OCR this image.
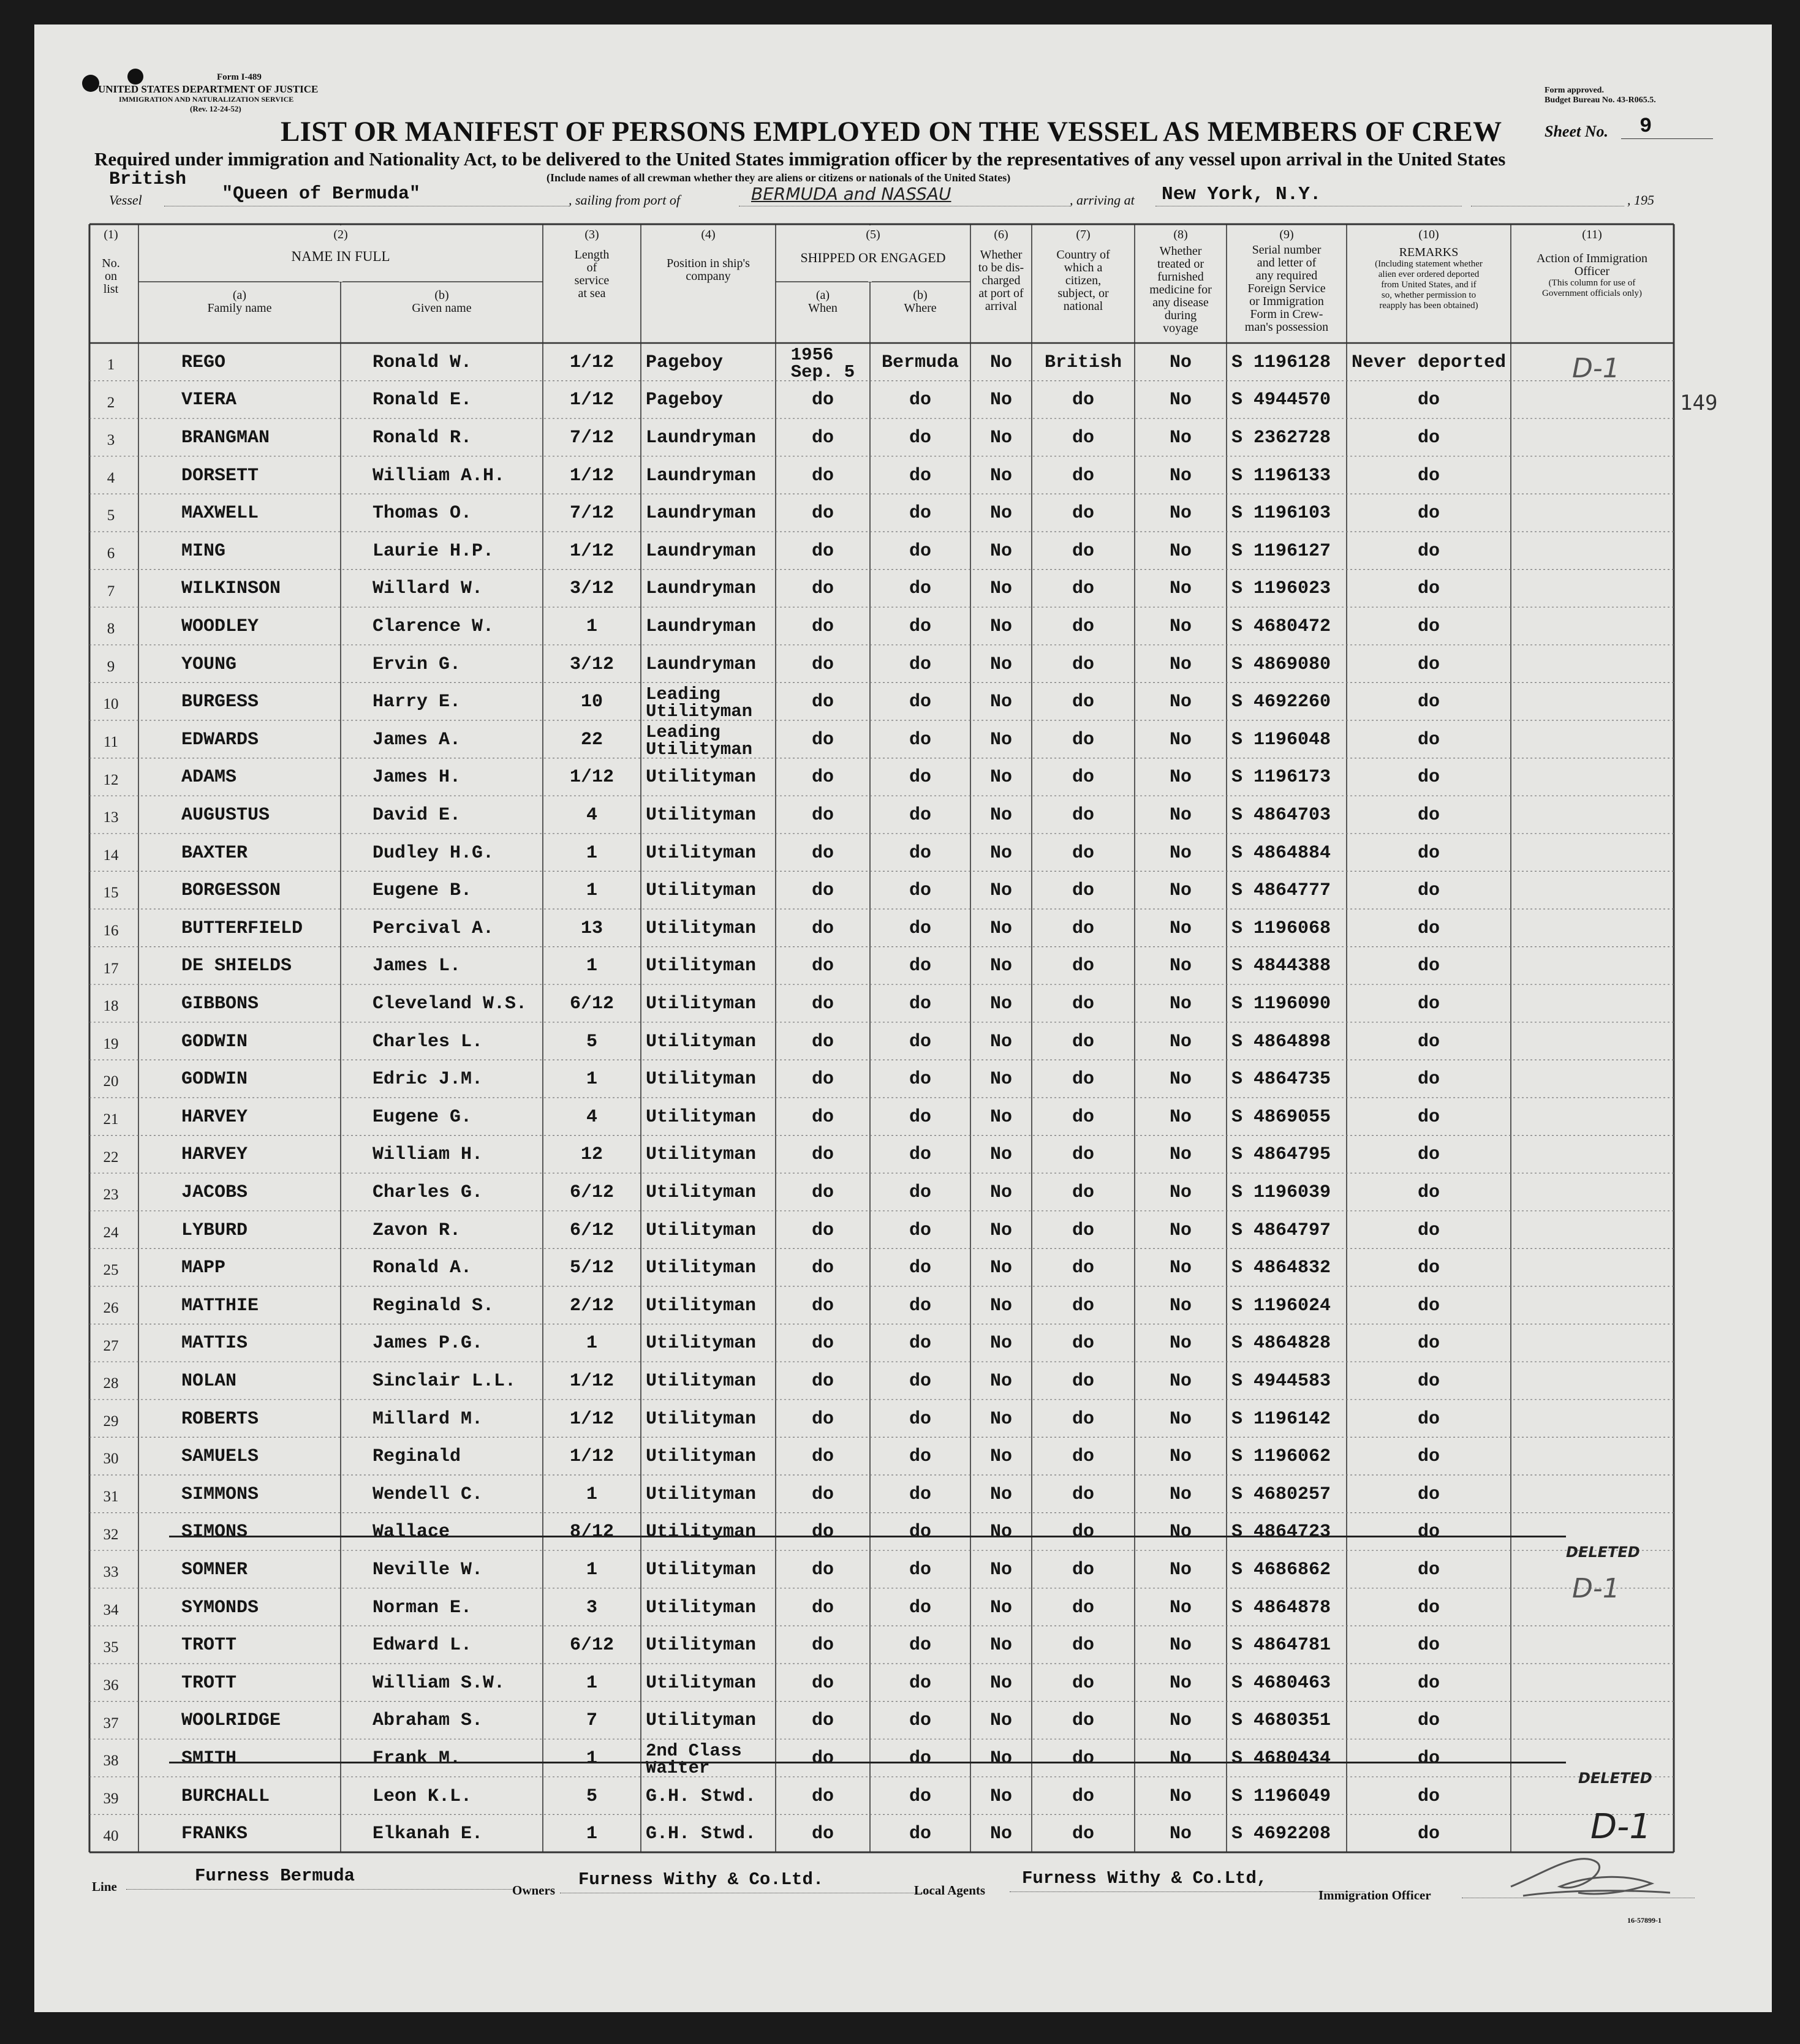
Form I-489
UNITED STATES DEPARTMENT OF JUSTICE
IMMIGRATION AND NATURALIZATION SERVICE
(Rev. 12-24-52)
Form approved.
Budget Bureau No. 43-R065.5.
Sheet No. 9
LIST OR MANIFEST OF PERSONS EMPLOYED ON THE VESSEL AS MEMBERS OF CREW
Required under immigration and Nationality Act, to be delivered to the United States immigration officer by the representatives of any vessel upon arrival in the United States
(Include names of all crewman whether they are aliens or citizens or nationals of the United States)
British
Vessel	"Queen of Bermuda"	, sailing from port of	BERMUDA and NASSAU	, arriving at New York, N.Y.	, 195
(1)
No.
on
list
(2)
NAME IN FULL
(a)
Family name
(b)
Given name
(3)
Length
of
service
at sea
(4)
Position in ship's
company
(5)
SHIPPED OR ENGAGED
(a)
When
(b)
Where
(6)
Whether
to be dis-
charged
at port of
arrival
(7)
Country of
which a
citizen,
subject, or
national
(8)
Whether
treated or
furnished
medicine for
any disease
during
voyage
(9)
Serial number
and letter of
any required
Foreign Service
or Immigration
Form in Crew-
man's possession
(10)
REMARKS
(Including statement whether
alien ever ordered deported
from United States, and if
so, whether permission to
reapply has been obtained)
(11)
Action of Immigration
Officer
(This column for use of
Government officials only)
1	REGO	Ronald W.	1/12	Pageboy	1956
Sep. 5	Bermuda	No	British	No	S 1196128	Never deported
2	VIERA	Ronald E.	1/12	Pageboy	do	do	No	do	No	S 4944570	do
3	BRANGMAN	Ronald R.	7/12	Laundryman	do	do	No	do	No	S 2362728	do
4	DORSETT	William A.H.	1/12	Laundryman	do	do	No	do	No	S 1196133	do
5	MAXWELL	Thomas O.	7/12	Laundryman	do	do	No	do	No	S 1196103	do
6	MING	Laurie H.P.	1/12	Laundryman	do	do	No	do	No	S 1196127	do
7	WILKINSON	Willard W.	3/12	Laundryman	do	do	No	do	No	S 1196023	do
8	WOODLEY	Clarence W.	1	Laundryman	do	do	No	do	No	S 4680472	do
9	YOUNG	Ervin G.	3/12	Laundryman	do	do	No	do	No	S 4869080	do
10	BURGESS	Harry E.	10	Leading
Utilityman	do	do	No	do	No	S 4692260	do
11	EDWARDS	James A.	22	Leading
Utilityman	do	do	No	do	No	S 1196048	do
12	ADAMS	James H.	1/12	Utilityman	do	do	No	do	No	S 1196173	do
13	AUGUSTUS	David E.	4	Utilityman	do	do	No	do	No	S 4864703	do
14	BAXTER	Dudley H.G.	1	Utilityman	do	do	No	do	No	S 4864884	do
15	BORGESSON	Eugene B.	1	Utilityman	do	do	No	do	No	S 4864777	do
16	BUTTERFIELD	Percival A.	13	Utilityman	do	do	No	do	No	S 1196068	do
17	DE SHIELDS	James L.	1	Utilityman	do	do	No	do	No	S 4844388	do
18	GIBBONS	Cleveland W.S.	6/12	Utilityman	do	do	No	do	No	S 1196090	do
19	GODWIN	Charles L.	5	Utilityman	do	do	No	do	No	S 4864898	do
20	GODWIN	Edric J.M.	1	Utilityman	do	do	No	do	No	S 4864735	do
21	HARVEY	Eugene G.	4	Utilityman	do	do	No	do	No	S 4869055	do
22	HARVEY	William H.	12	Utilityman	do	do	No	do	No	S 4864795	do
23	JACOBS	Charles G.	6/12	Utilityman	do	do	No	do	No	S 1196039	do
24	LYBURD	Zavon R.	6/12	Utilityman	do	do	No	do	No	S 4864797	do
25	MAPP	Ronald A.	5/12	Utilityman	do	do	No	do	No	S 4864832	do
26	MATTHIE	Reginald S.	2/12	Utilityman	do	do	No	do	No	S 1196024	do
27	MATTIS	James P.G.	1	Utilityman	do	do	No	do	No	S 4864828	do
28	NOLAN	Sinclair L.L.	1/12	Utilityman	do	do	No	do	No	S 4944583	do
29	ROBERTS	Millard M.	1/12	Utilityman	do	do	No	do	No	S 1196142	do
30	SAMUELS	Reginald	1/12	Utilityman	do	do	No	do	No	S 1196062	do
31	SIMMONS	Wendell C.	1	Utilityman	do	do	No	do	No	S 4680257	do
32	SIMONS	Wallace	8/12	Utilityman	do	do	No	do	No	S 4864723	do
33	SOMNER	Neville W.	1	Utilityman	do	do	No	do	No	S 4686862	do
34	SYMONDS	Norman E.	3	Utilityman	do	do	No	do	No	S 4864878	do
35	TROTT	Edward L.	6/12	Utilityman	do	do	No	do	No	S 4864781	do
36	TROTT	William S.W.	1	Utilityman	do	do	No	do	No	S 4680463	do
37	WOOLRIDGE	Abraham S.	7	Utilityman	do	do	No	do	No	S 4680351	do
38	SMITH	Frank M.	1	2nd Class
Waiter	do	do	No	do	No	S 4680434	do
39	BURCHALL	Leon K.L.	5	G.H. Stwd.	do	do	No	do	No	S 1196049	do
40	FRANKS	Elkanah E.	1	G.H. Stwd.	do	do	No	do	No	S 4692208	do
149
D-1
DELETED
D-1
DELETED
D-1
Line
Furness Bermuda
Owners
Furness Withy & Co.Ltd.
Local Agents
Furness Withy & Co.Ltd,
Immigration Officer
16-57899-1
